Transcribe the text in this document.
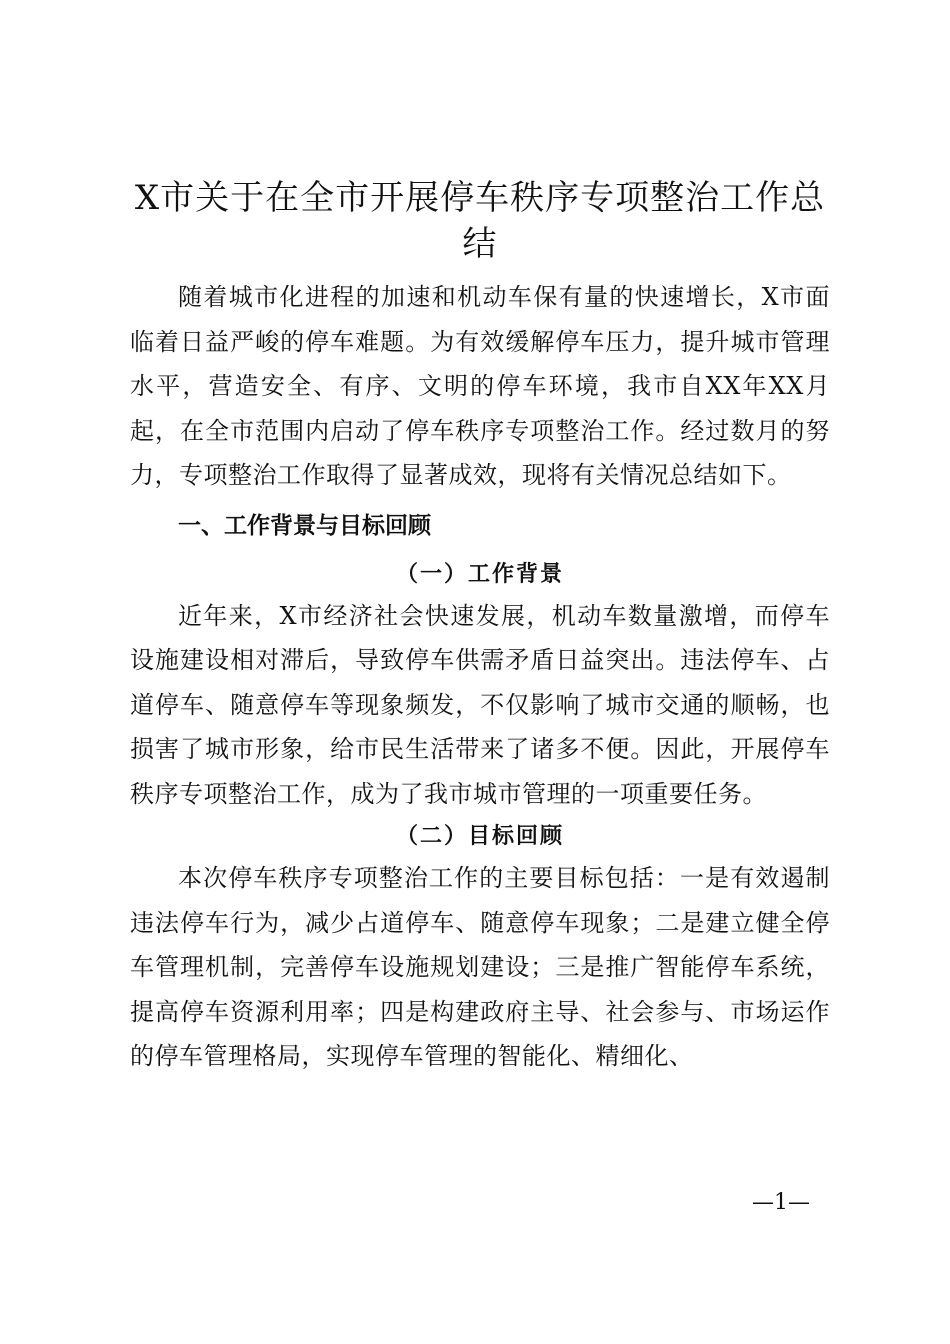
X市关于在全市开展停车秩序专项整治工作总结

随着城市化进程的加速和机动车保有量的快速增长，X市面临着日益严峻的停车难题。为有效缓解停车压力，提升城市管理水平，营造安全、有序、文明的停车环境，我市自XX年XX月起，在全市范围内启动了停车秩序专项整治工作。经过数月的努力，专项整治工作取得了显著成效，现将有关情况总结如下。

一、工作背景与目标回顾
（一）工作背景

近年来，X市经济社会快速发展，机动车数量激增，而停车设施建设相对滞后，导致停车供需矛盾日益突出。违法停车、占道停车、随意停车等现象频发，不仅影响了城市交通的顺畅，也损害了城市形象，给市民生活带来了诸多不便。因此，开展停车秩序专项整治工作，成为了我市城市管理的一项重要任务。

（二）目标回顾

本次停车秩序专项整治工作的主要目标包括：一是有效遏制违法停车行为，减少占道停车、随意停车现象；二是建立健全停车管理机制，完善停车设施规划建设；三是推广智能停车系统，提高停车资源利用率；四是构建政府主导、社会参与、市场运作的停车管理格局，实现停车管理的智能化、精细化、

—1—
